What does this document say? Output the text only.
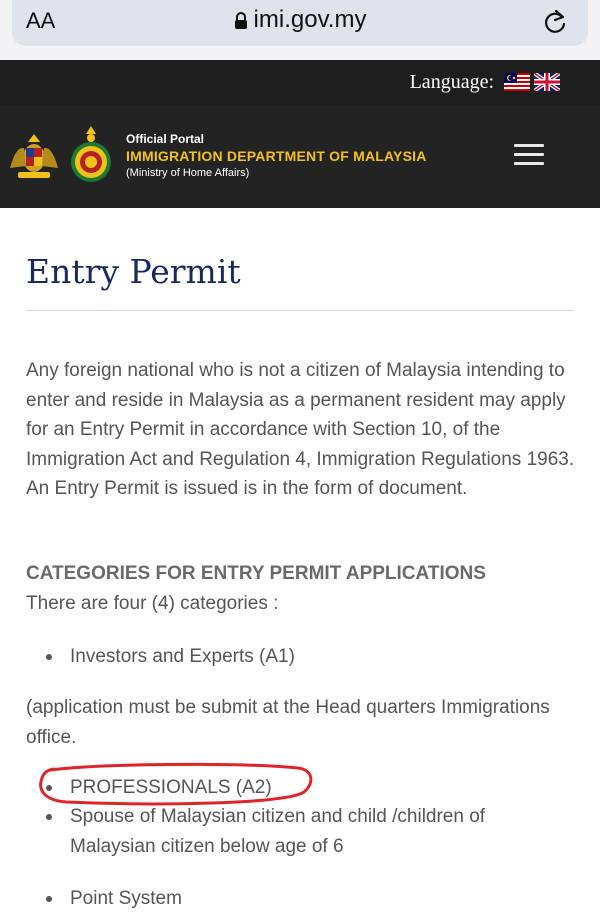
AA	imi.gov.my
Language:
Official Portal
IMMIGRATION DEPARTMENT OF MALAYSIA
(Ministry of Home Affairs)
Entry Permit

Any foreign national who is not a citizen of Malaysia intending to enter and reside in Malaysia as a permanent resident may apply for an Entry Permit in accordance with Section 10, of the Immigration Act and Regulation 4, Immigration Regulations 1963. An Entry Permit is issued is in the form of document.

CATEGORIES FOR ENTRY PERMIT APPLICATIONS

There are four (4) categories :

Investors and Experts (A1)

(application must be submit at the Head quarters Immigrations office.

PROFESSIONALS (A2)
Spouse of Malaysian citizen and child /children of Malaysian citizen below age of 6
Point System
